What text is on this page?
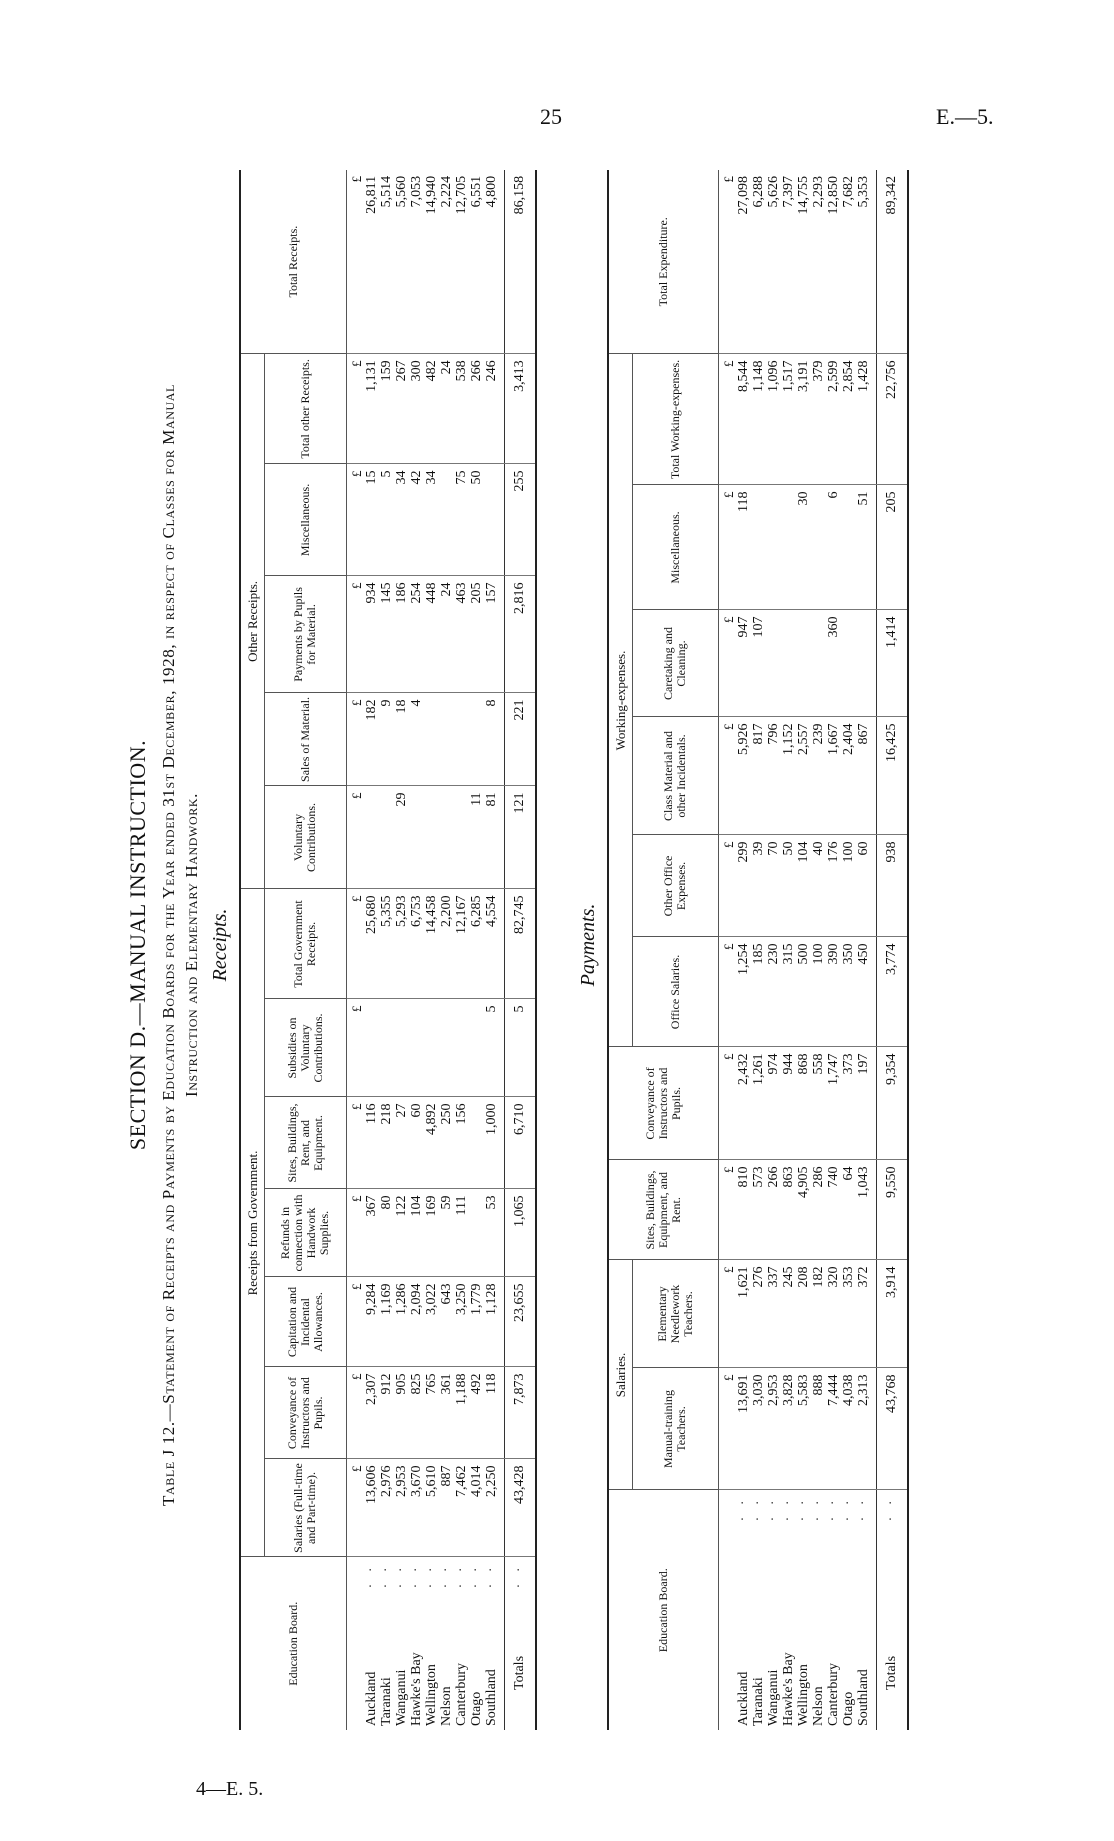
25	E.—5.
4—E. 5.
SECTION D.—MANUAL INSTRUCTION. Table J 12.—Statement of Receipts and Payments by Education Boards for the Year ended 31st December, 1928, in respect of Classes for Manual Instruction and Elementary Handwork. Receipts.
Education Board.	Receipts from Government.							Other Receipts.					Total Receipts.
	Salaries (Full-time and Part-time).	Conveyance of Instructors and Pupils.	Capitation and Incidental Allowances.	Refunds in connection with Handwork Supplies.	Sites, Buildings, Rent, and Equipment.	Subsidies on Voluntary Contributions.	Total Government Receipts.	Voluntary Contributions.	Sales of Material.	Payments by Pupils for Material.	Miscellaneous.	Total other Receipts.	

	£	£	£	£	£	£	£	£	£	£	£	£	£
Auckland
· ·	13,606	2,307	9,284	367	116		25,680		182	934	15	1,131	26,811
Taranaki
· ·	2,976	912	1,169	80	218		5,355		9	145	5	159	5,514
Wanganui
· ·	2,953	905	1,286	122	27		5,293	29	18	186	34	267	5,560
Hawke's Bay
· ·	3,670	825	2,094	104	60		6,753		4	254	42	300	7,053
Wellington
· ·	5,610	765	3,022	169	4,892		14,458			448	34	482	14,940
Nelson
· ·	887	361	643	59	250		2,200			24		24	2,224
Canterbury
· ·	7,462	1,188	3,250	111	156		12,167			463	75	538	12,705
Otago
· ·	4,014	492	1,779				6,285	11		205	50	266	6,551
Southland
· ·	2,250	118	1,128	53	1,000	5	4,554	81	8	157		246	4,800

Totals
· ·	43,428	7,873	23,655	1,065	6,710	5	82,745	121	221	2,816	255	3,413	86,158
Payments.
Education Board.	Salaries.		Sites, Buildings, Equipment, and Rent.	Conveyance of Instructors and Pupils.	Working-expenses.						Total Expenditure.
	Manual-training Teachers.	Elementary Needlework Teachers.			Office Salaries.	Other Office Expenses.	Class Material and other Incidentals.	Caretaking and Cleaning.	Miscellaneous.	Total Working-expenses.	

	£	£	£	£	£	£	£	£	£	£	£
Auckland
· ·	13,691	1,621	810	2,432	1,254	299	5,926	947	118	8,544	27,098
Taranaki
· ·	3,030	276	573	1,261	185	39	817	107		1,148	6,288
Wanganui
· ·	2,953	337	266	974	230	70	796			1,096	5,626
Hawke's Bay
· ·	3,828	245	863	944	315	50	1,152			1,517	7,397
Wellington
· ·	5,583	208	4,905	868	500	104	2,557		30	3,191	14,755
Nelson
· ·	888	182	286	558	100	40	239			379	2,293
Canterbury
· ·	7,444	320	740	1,747	390	176	1,667	360	6	2,599	12,850
Otago
· ·	4,038	353	64	373	350	100	2,404			2,854	7,682
Southland
· ·	2,313	372	1,043	197	450	60	867		51	1,428	5,353

Totals
· ·	43,768	3,914	9,550	9,354	3,774	938	16,425	1,414	205	22,756	89,342
